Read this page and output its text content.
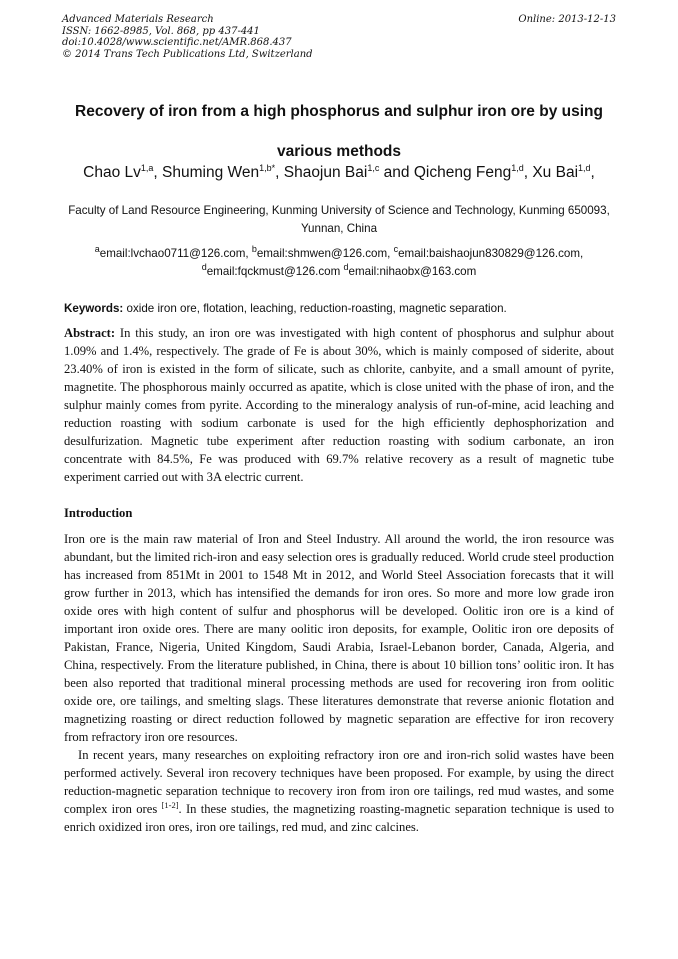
Advanced Materials Research
ISSN: 1662-8985, Vol. 868, pp 437-441
doi:10.4028/www.scientific.net/AMR.868.437
© 2014 Trans Tech Publications Ltd, Switzerland
Online: 2013-12-13
Recovery of iron from a high phosphorus and sulphur iron ore by using
various methods
Chao Lv$^{1,a}$, Shuming Wen$^{1,b*}$, Shaojun Bai$^{1,c}$ and Qicheng Feng$^{1,d}$, Xu Bai$^{1,d}$,
Faculty of Land Resource Engineering, Kunming University of Science and Technology, Kunming 650093, Yunnan, China
$^a$email:lvchao0711@126.com, $^b$email:shmwen@126.com, $^c$email:baishaojun830829@126.com,
$^d$email:fqckmust@126.com $^d$email:nihaobx@163.com
Keywords: oxide iron ore, flotation, leaching, reduction-roasting, magnetic separation.
Abstract: In this study, an iron ore was investigated with high content of phosphorus and sulphur about 1.09% and 1.4%, respectively. The grade of Fe is about 30%, which is mainly composed of siderite, about 23.40% of iron is existed in the form of silicate, such as chlorite, canbyite, and a small amount of pyrite, magnetite. The phosphorous mainly occurred as apatite, which is close united with the phase of iron, and the sulphur mainly comes from pyrite. According to the mineralogy analysis of run-of-mine, acid leaching and reduction roasting with sodium carbonate is used for the high efficiently dephosphorization and desulfurization. Magnetic tube experiment after reduction roasting with sodium carbonate, an iron concentrate with 84.5%, Fe was produced with 69.7% relative recovery as a result of magnetic tube experiment carried out with 3A electric current.
Introduction

Iron ore is the main raw material of Iron and Steel Industry. All around the world, the iron resource was abundant, but the limited rich-iron and easy selection ores is gradually reduced. World crude steel production has increased from 851Mt in 2001 to 1548 Mt in 2012, and World Steel Association forecasts that it will grow further in 2013, which has intensified the demands for iron ores. So more and more low grade iron oxide ores with high content of sulfur and phosphorus will be developed. Oolitic iron ore is a kind of important iron oxide ores. There are many oolitic iron deposits, for example, Oolitic iron ore deposits of Pakistan, France, Nigeria, United Kingdom, Saudi Arabia, Israel-Lebanon border, Canada, Algeria, and China, respectively. From the literature published, in China, there is about 10 billion tons’ oolitic iron. It has been also reported that traditional mineral processing methods are used for recovering iron from oolitic oxide ore, ore tailings, and smelting slags. These literatures demonstrate that reverse anionic flotation and magnetizing roasting or direct reduction followed by magnetic separation are effective for iron recovery from refractory iron ore resources.

In recent years, many researches on exploiting refractory iron ore and iron-rich solid wastes have been performed actively. Several iron recovery techniques have been proposed. For example, by using the direct reduction-magnetic separation technique to recovery iron from iron ore tailings, red mud wastes, and some complex iron ores [1-2]. In these studies, the magnetizing roasting-magnetic separation technique is used to enrich oxidized iron ores, iron ore tailings, red mud, and zinc calcines.
